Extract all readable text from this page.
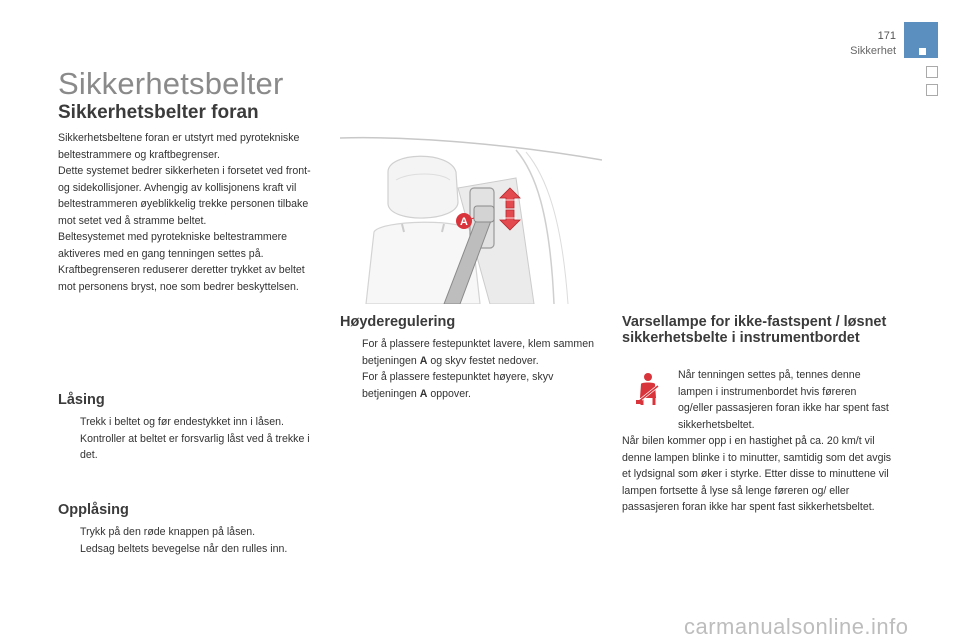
171
Sikkerhet
Sikkerhetsbelter
Sikkerhetsbelter foran

Sikkerhetsbeltene foran er utstyrt med pyrotekniske beltestrammere og kraftbegrenser.

Dette systemet bedrer sikkerheten i forsetet ved front- og sidekollisjoner. Avhengig av kollisjonens kraft vil beltestrammeren øyeblikkelig trekke personen tilbake mot setet ved å stramme beltet.

Beltesystemet med pyrotekniske beltestrammere aktiveres med en gang tenningen settes på.

Kraftbegrenseren reduserer deretter trykket av beltet mot personens bryst, noe som bedrer beskyttelsen.

Låsing
Trekk i beltet og før endestykket inn i låsen.
Kontroller at beltet er forsvarlig låst ved å trekke i det.
Opplåsing
Trykk på den røde knappen på låsen.
Ledsag beltets bevegelse når den rulles inn.
A
Høyderegulering
For å plassere festepunktet lavere, klem sammen betjeningen A og skyv festet nedover.
For å plassere festepunktet høyere, skyv betjeningen A oppover.
Varsellampe for ikke-fastspent / løsnet sikkerhetsbelte i instrumentbordet

Når tenningen settes på, tennes denne lampen i instrumenbordet hvis føreren og/eller passasjeren foran ikke har spent fast sikkerhetsbeltet.

Når bilen kommer opp i en hastighet på ca. 20 km/t vil denne lampen blinke i to minutter, samtidig som det avgis et lydsignal som øker i styrke. Etter disse to minuttene vil lampen fortsette å lyse så lenge føreren og/ eller passasjeren foran ikke har spent fast sikkerhetsbeltet.

carmanualsonline.info
